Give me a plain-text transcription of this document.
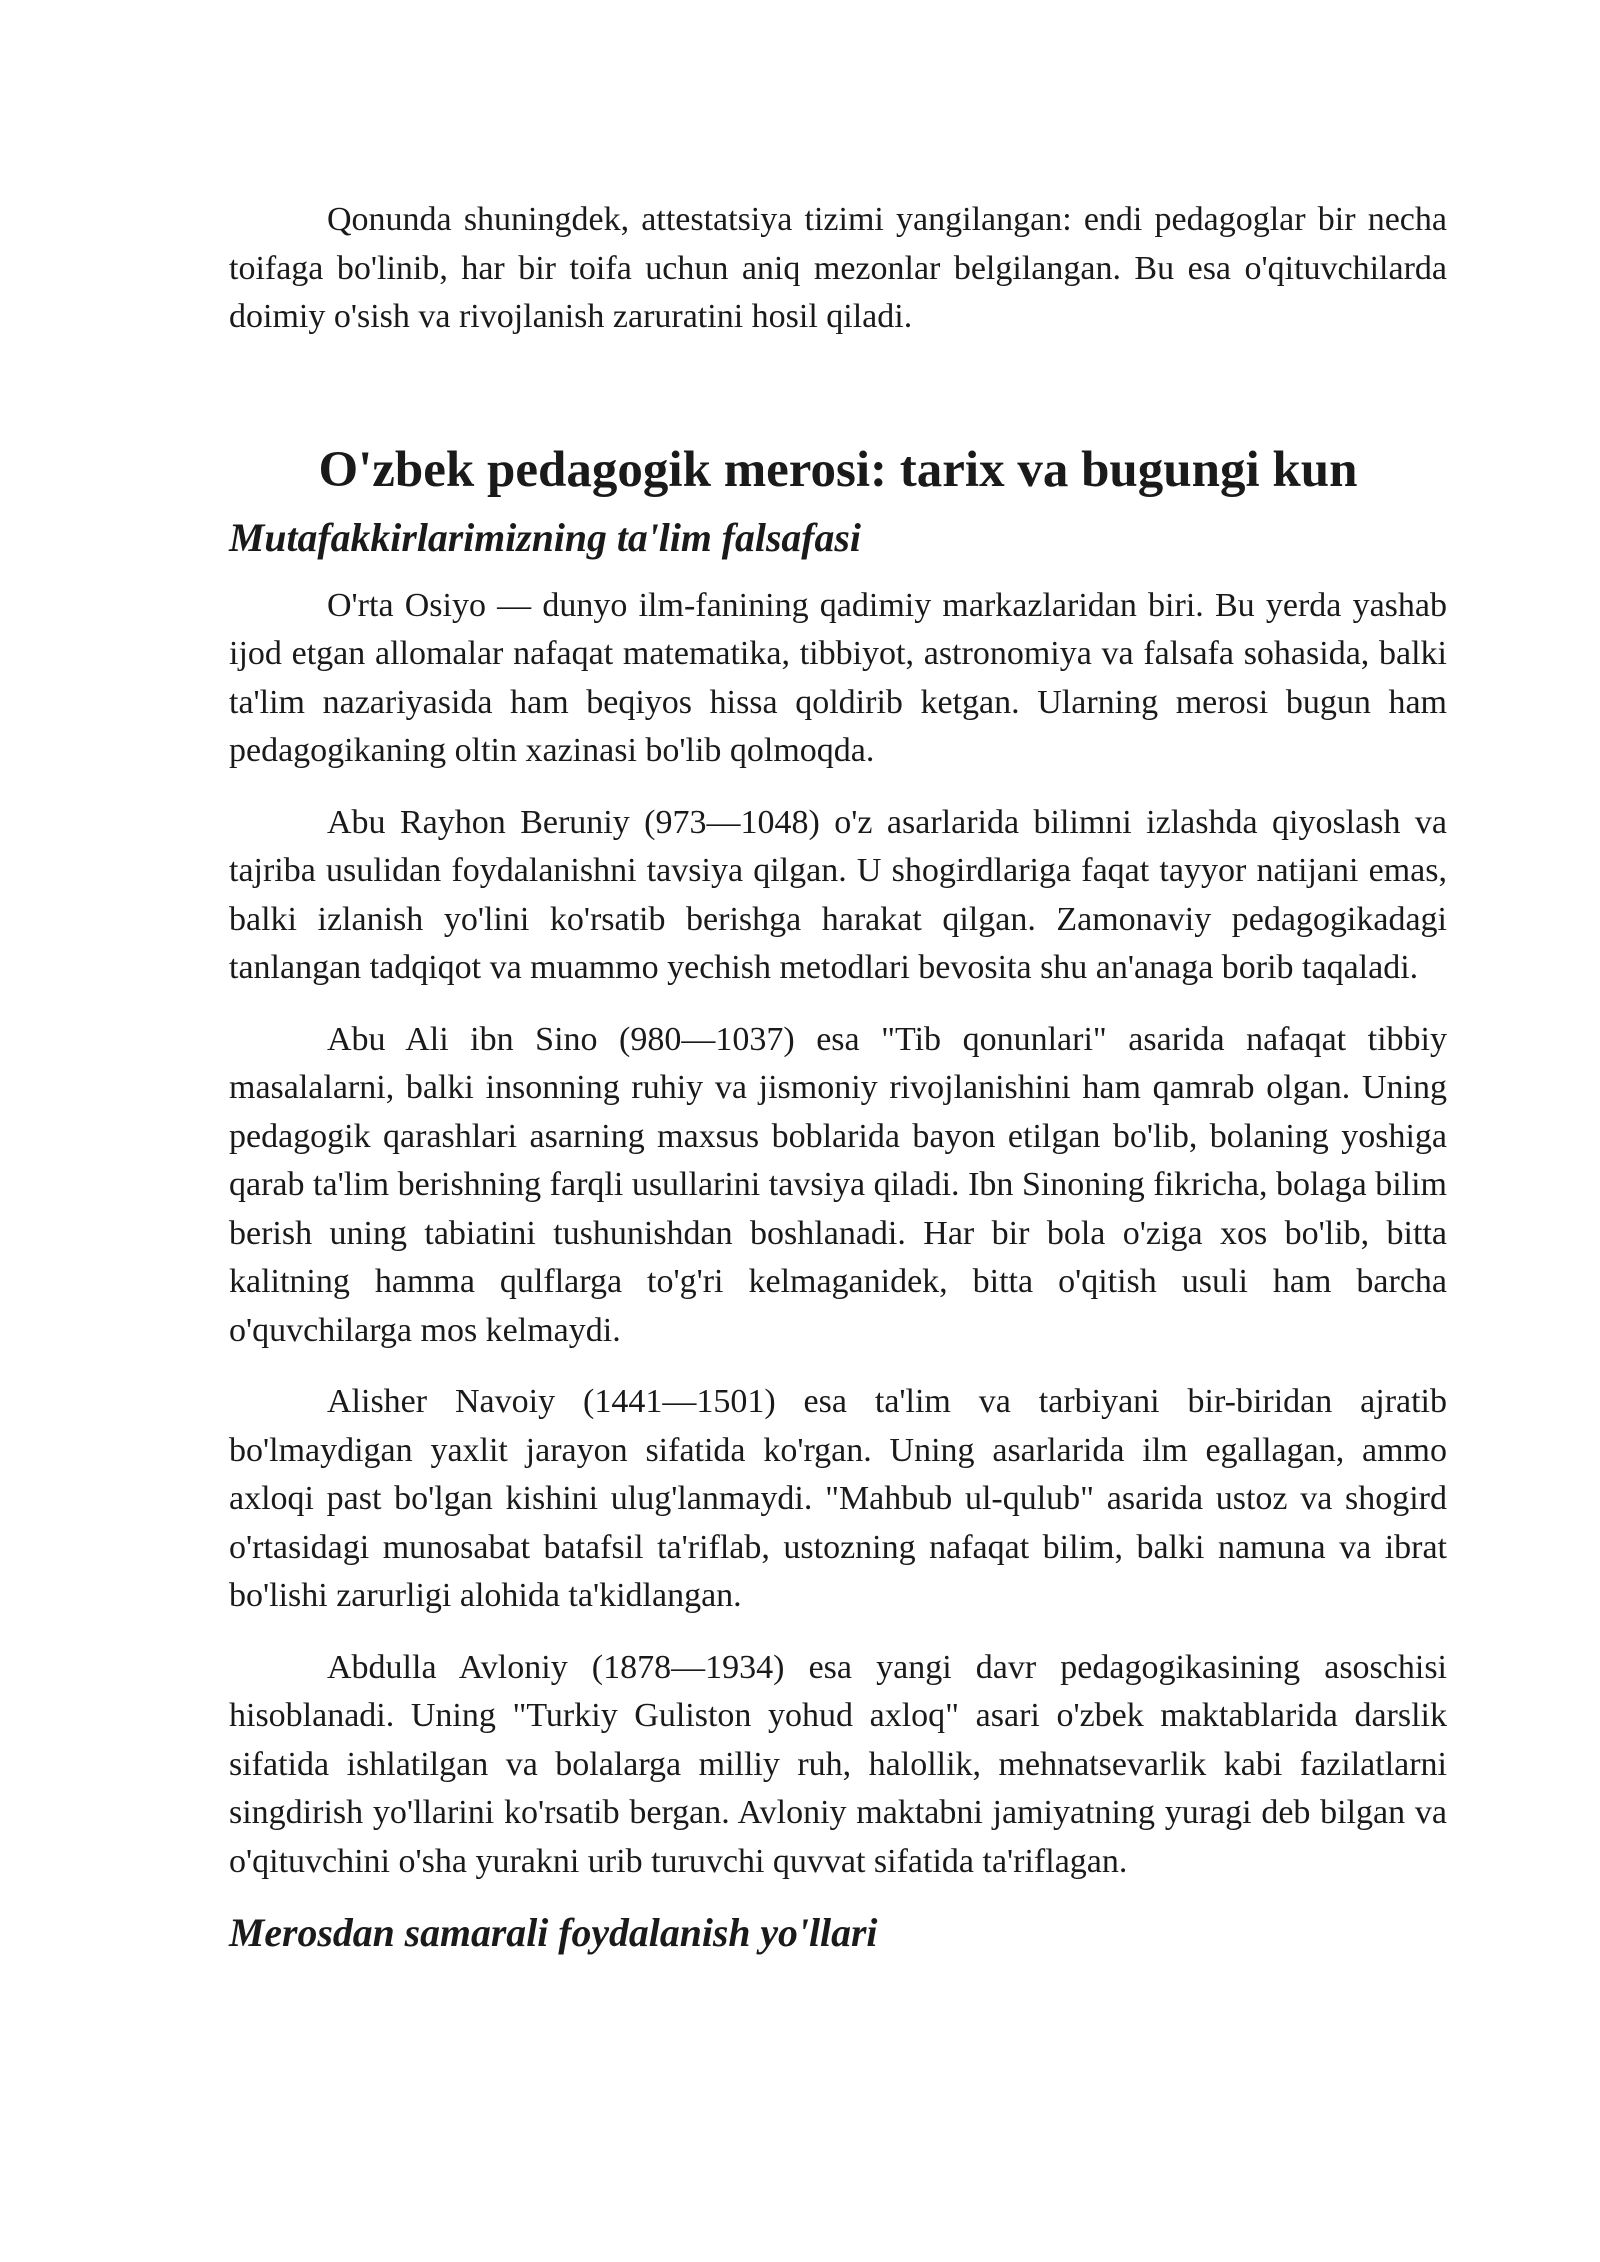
Qonunda shuningdek, attestatsiya tizimi yangilangan: endi pedagoglar bir necha toifaga bo'linib, har bir toifa uchun aniq mezonlar belgilangan. Bu esa o'qituvchilarda doimiy o'sish va rivojlanish zaruratini hosil qiladi.

O'zbek pedagogik merosi: tarix va bugungi kun
Mutafakkirlarimizning ta'lim falsafasi

O'rta Osiyo — dunyo ilm-fanining qadimiy markazlaridan biri. Bu yerda yashab ijod etgan allomalar nafaqat matematika, tibbiyot, astronomiya va falsafa sohasida, balki ta'lim nazariyasida ham beqiyos hissa qoldirib ketgan. Ularning merosi bugun ham pedagogikaning oltin xazinasi bo'lib qolmoqda.

Abu Rayhon Beruniy (973—1048) o'z asarlarida bilimni izlashda qiyoslash va tajriba usulidan foydalanishni tavsiya qilgan. U shogirdlariga faqat tayyor natijani emas, balki izlanish yo'lini ko'rsatib berishga harakat qilgan. Zamonaviy pedagogikadagi tanlangan tadqiqot va muammo yechish metodlari bevosita shu an'anaga borib taqaladi.

Abu Ali ibn Sino (980—1037) esa "Tib qonunlari" asarida nafaqat tibbiy masalalarni, balki insonning ruhiy va jismoniy rivojlanishini ham qamrab olgan. Uning pedagogik qarashlari asarning maxsus boblarida bayon etilgan bo'lib, bolaning yoshiga qarab ta'lim berishning farqli usullarini tavsiya qiladi. Ibn Sinoning fikricha, bolaga bilim berish uning tabiatini tushunishdan boshlanadi. Har bir bola o'ziga xos bo'lib, bitta kalitning hamma qulflarga to'g'ri kelmaganidek, bitta o'qitish usuli ham barcha o'quvchilarga mos kelmaydi.

Alisher Navoiy (1441—1501) esa ta'lim va tarbiyani bir-biridan ajratib bo'lmaydigan yaxlit jarayon sifatida ko'rgan. Uning asarlarida ilm egallagan, ammo axloqi past bo'lgan kishini ulug'lanmaydi. "Mahbub ul-qulub" asarida ustoz va shogird o'rtasidagi munosabat batafsil ta'riflab, ustozning nafaqat bilim, balki namuna va ibrat bo'lishi zarurligi alohida ta'kidlangan.

Abdulla Avloniy (1878—1934) esa yangi davr pedagogikasining asoschisi hisoblanadi. Uning "Turkiy Guliston yohud axloq" asari o'zbek maktablarida darslik sifatida ishlatilgan va bolalarga milliy ruh, halollik, mehnatsevarlik kabi fazilatlarni singdirish yo'llarini ko'rsatib bergan. Avloniy maktabni jamiyatning yuragi deb bilgan va o'qituvchini o'sha yurakni urib turuvchi quvvat sifatida ta'riflagan.

Merosdan samarali foydalanish yo'llari
